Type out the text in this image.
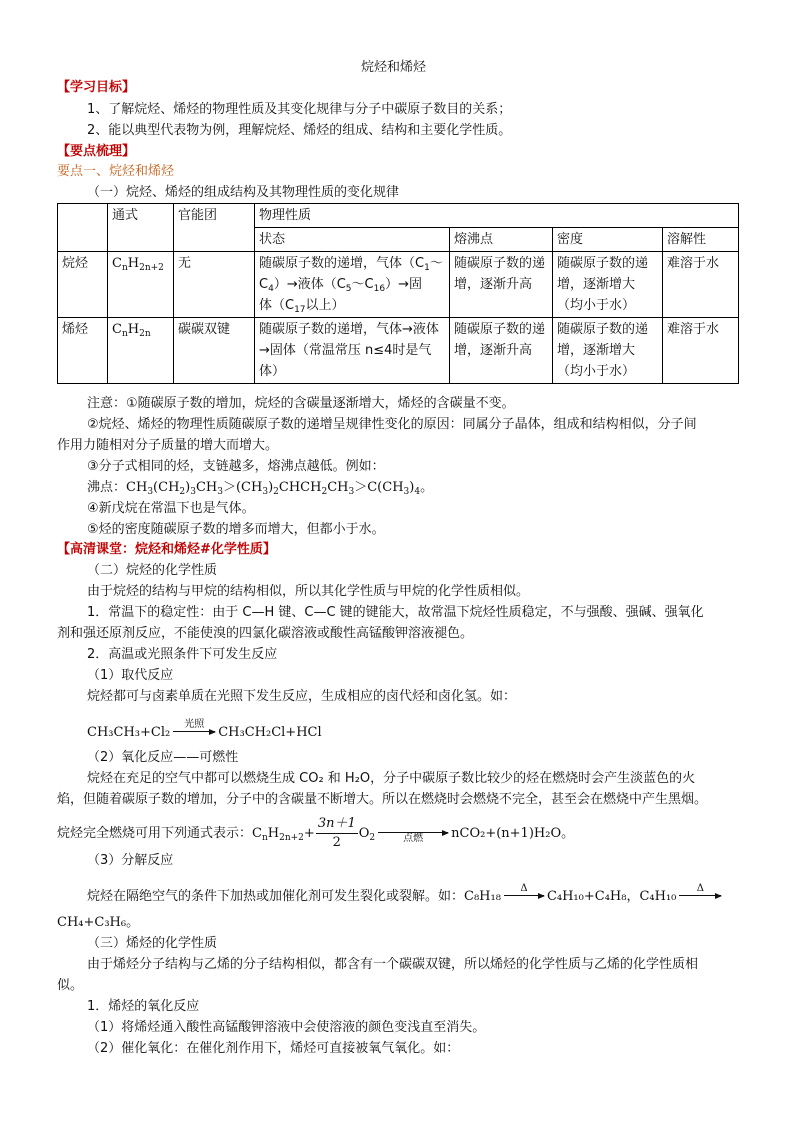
烷烃和烯烃
【学习目标】
1、了解烷烃、烯烃的物理性质及其变化规律与分子中碳原子数目的关系；
2、能以典型代表物为例，理解烷烃、烯烃的组成、结构和主要化学性质。
【要点梳理】
要点一、烷烃和烯烃
（一）烷烃、烯烃的组成结构及其物理性质的变化规律
	通式	官能团	物理性质			
			状态	熔沸点	密度	溶解性
烷烃	$C_nH_{2n+2}$	无	随碳原子数的递增，气体（$C_1\sim$
$C_4)\to$液体$(C_5\sim C_{16})\to$固
体（$C_{17}$以上）	随碳原子数的递增，逐渐升高	随碳原子数的递增，逐渐增大（均小于水）	难溶于水
烯烃	$C_nH_{2n}$	碳碳双键	随碳原子数的递增，气体→液体→固体（常温常压 n≤4时是气体）	随碳原子数的递增，逐渐升高	随碳原子数的递增，逐渐增大（均小于水）	难溶于水
注意：①随碳原子数的增加，烷烃的含碳量逐渐增大，烯烃的含碳量不变。
②烷烃、烯烃的物理性质随碳原子数的递增呈规律性变化的原因：同属分子晶体，组成和结构相似，分子间
作用力随相对分子质量的增大而增大。
③分子式相同的烃，支链越多，熔沸点越低。例如：
沸点：$CH_3(CH_2)_3CH_3>(CH_3)_2CHCH_2CH_3>C(CH_3)_4$。
④新戊烷在常温下也是气体。
⑤烃的密度随碳原子数的增多而增大，但都小于水。
【高清课堂：烷烃和烯烃#化学性质】
（二）烷烃的化学性质
由于烷烃的结构与甲烷的结构相似，所以其化学性质与甲烷的化学性质相似。
1．常温下的稳定性：由于 C—H 键、C—C 键的键能大，故常温下烷烃性质稳定，不与强酸、强碱、强氧化
剂和强还原剂反应，不能使溴的四氯化碳溶液或酸性高锰酸钾溶液褪色。
2．高温或光照条件下可发生反应
（1）取代反应
烷烃都可与卤素单质在光照下发生反应，生成相应的卤代烃和卤化氢。如：
CH₃CH₃+Cl₂
光照
CH₃CH₂Cl+HCl
（2）氧化反应——可燃性
烷烃在充足的空气中都可以燃烧生成 CO₂ 和 H₂O，分子中碳原子数比较少的烃在燃烧时会产生淡蓝色的火
焰，但随着碳原子数的增加，分子中的含碳量不断增大。所以在燃烧时会燃烧不完全，甚至会在燃烧中产生黑烟。
烷烃完全燃烧可用下列通式表示：$C_nH_{2n+2}+ \frac{3n+1}{2} O_2$	点燃	nCO₂+(n+1)H₂O。
（3）分解反应
烷烃在隔绝空气的条件下加热或加催化剂可发生裂化或裂解。如：C₈H₁₈
Δ
C₄H₁₀+C₄H₈，C₄H₁₀
Δ
CH₄+C₃H₆。
（三）烯烃的化学性质
由于烯烃分子结构与乙烯的分子结构相似，都含有一个碳碳双键，所以烯烃的化学性质与乙烯的化学性质相
似。
1．烯烃的氧化反应
（1）将烯烃通入酸性高锰酸钾溶液中会使溶液的颜色变浅直至消失。
（2）催化氧化：在催化剂作用下，烯烃可直接被氧气氧化。如：
